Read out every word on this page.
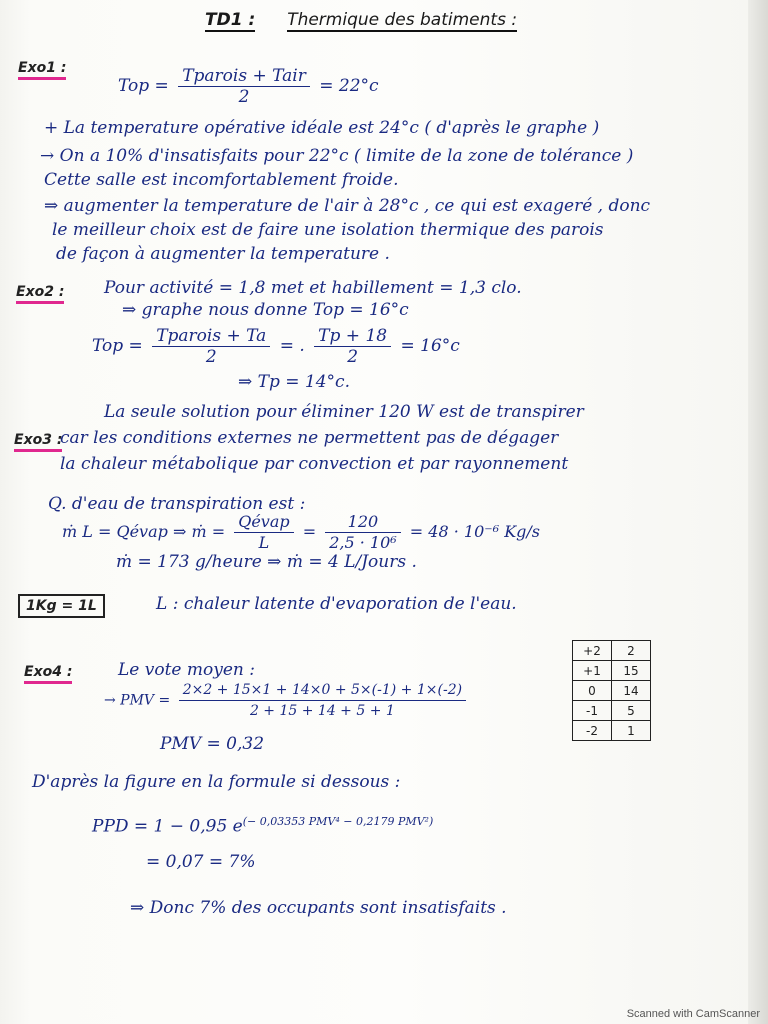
TD1 : Thermique des batiments :
Exo1 :
Top = $\frac{\text{Tparois + Tair}}{2} = 22^\circ c$
+ La temperature opérative idéale est 24°c ( d'après le graphe )
→ On a 10% d'insatisfaits pour 22°c ( limite de la zone de tolérance )
Cette salle est incomfortablement froide.
⇒ augmenter la temperature de l'air à 28°c , ce qui est exageré , donc
le meilleur choix est de faire une isolation thermique des parois
de façon à augmenter la temperature .
Exo2 : Pour activité = 1,8 met et habillement = 1,3 clo.
⇒ graphe nous donne Top = 16°c
Top = $\frac{\text{Tparois + Ta}}{2}$ = . $\frac{Tp + 18}{2} = 16^\circ c$
⇒ Tp = 14°c.
Exo3 :
La seule solution pour éliminer 120 W est de transpirer
car les conditions externes ne permettent pas de dégager
la chaleur métabolique par convection et par rayonnement
Q. d'eau de transpiration est :
ṁ L = Qévap ⇒ ṁ = $\frac{\text{Qévap}}{L} = \frac{120}{\text{2,5 · 10⁶}} = 48 \cdot 10^{-6}$ Kg/s
ṁ = 173 g/heure ⇒ ṁ = 4 L/Jours .
1Kg = 1L	L : chaleur latente d'evaporation de l'eau.
Exo4 :	Le vote moyen :
→ PMV = $\frac{2\times 2 + 15\times 1 + 14\times 0 + 5\times(-1) + 1\times(-2)}{2 + 15 + 14 + 5 + 1}$
PMV = 0,32
+2	2
+1	15
0	14
-1	5
-2	1
D'après la figure en la formule si dessous :
PPD = 1 − 0,95 $e^{(- 0,03353 PMV^4 - 0,2179 PMV^2)}$
= 0,07 = 7%
⇒ Donc 7% des occupants sont insatisfaits .
Scanned with CamScanner
